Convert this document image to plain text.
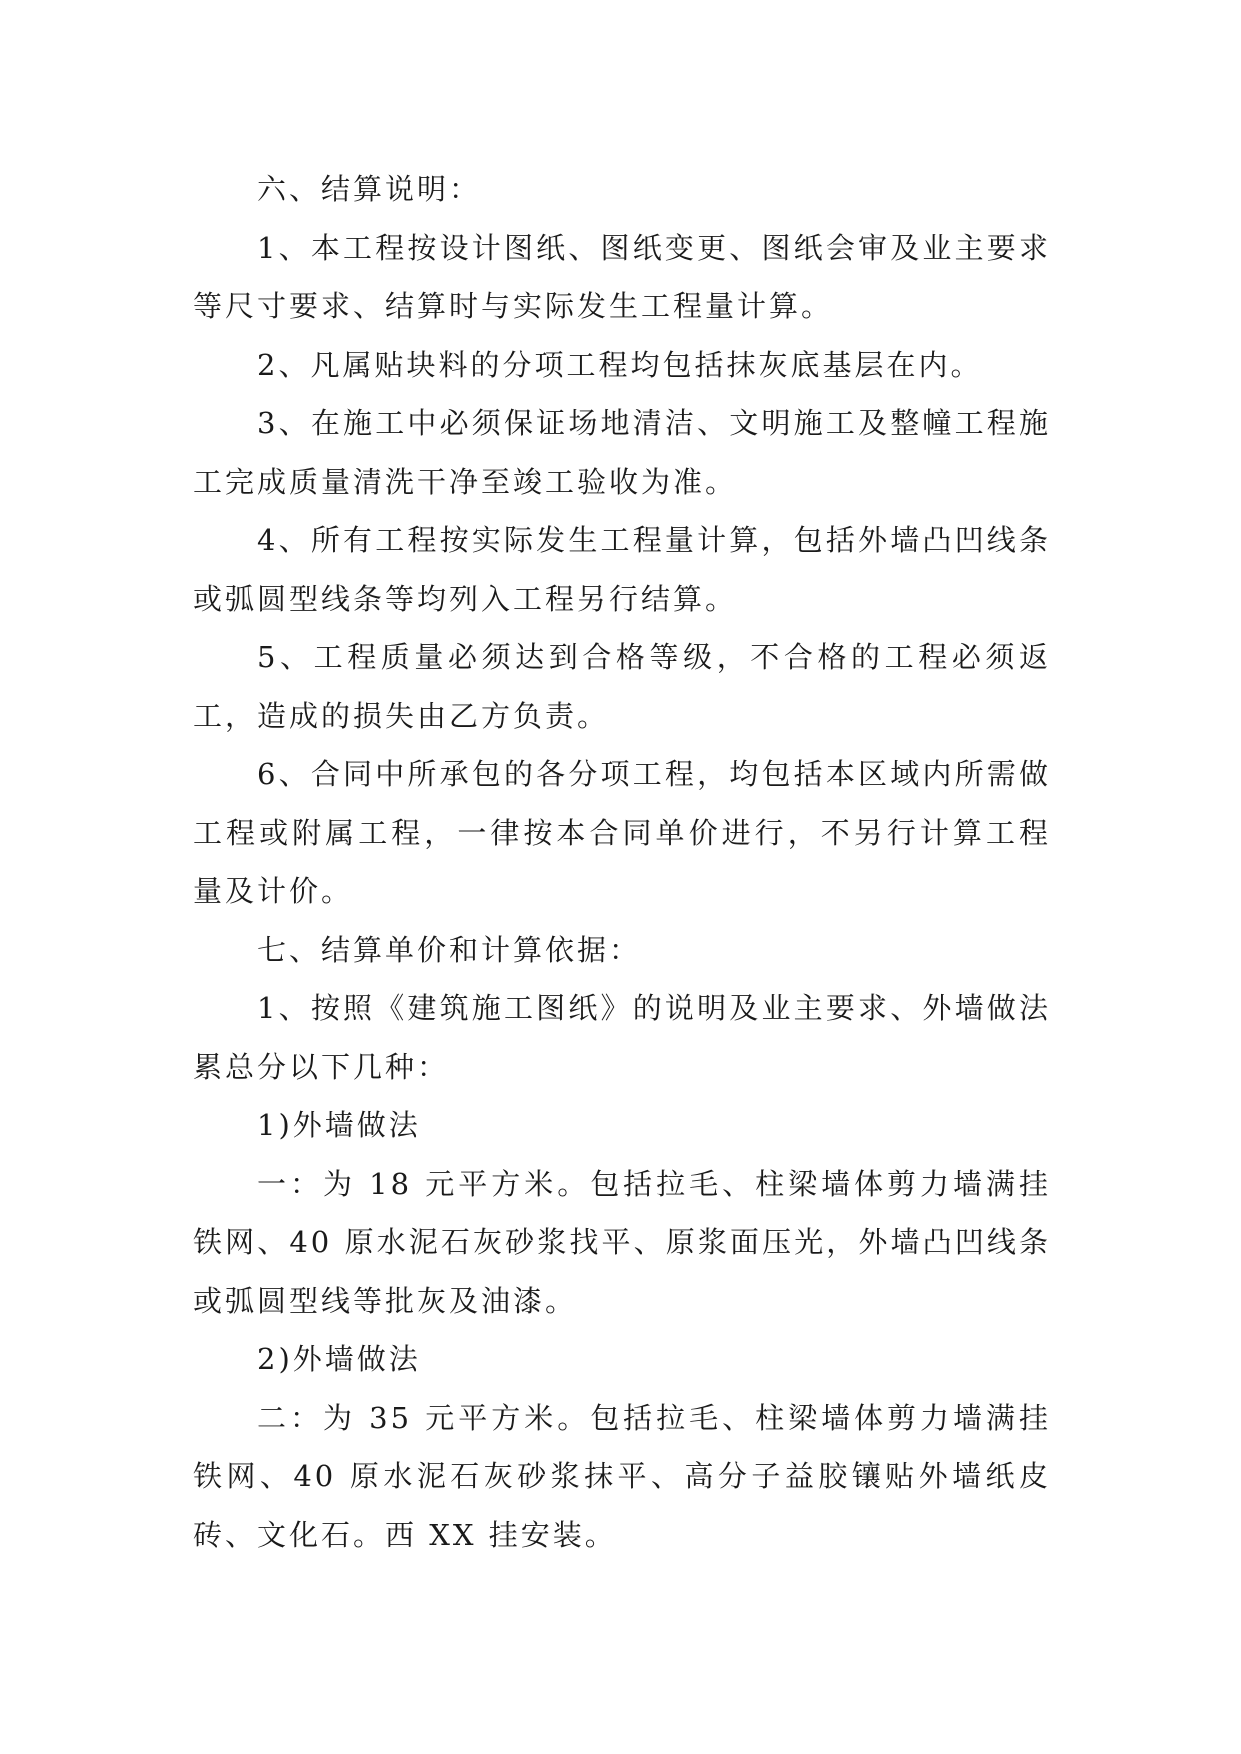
六、结算说明：

1、本工程按设计图纸、图纸变更、图纸会审及业主要求等尺寸要求、结算时与实际发生工程量计算。

2、凡属贴块料的分项工程均包括抹灰底基层在内。

3、在施工中必须保证场地清洁、文明施工及整幢工程施工完成质量清洗干净至竣工验收为准。

4、所有工程按实际发生工程量计算，包括外墙凸凹线条或弧圆型线条等均列入工程另行结算。

5、工程质量必须达到合格等级，不合格的工程必须返工，造成的损失由乙方负责。

6、合同中所承包的各分项工程，均包括本区域内所需做工程或附属工程，一律按本合同单价进行，不另行计算工程量及计价。

七、结算单价和计算依据：

1、按照《建筑施工图纸》的说明及业主要求、外墙做法累总分以下几种：

1)外墙做法

一：为 18 元平方米。包括拉毛、柱梁墙体剪力墙满挂铁网、40 原水泥石灰砂浆找平、原浆面压光，外墙凸凹线条或弧圆型线等批灰及油漆。

2)外墙做法

二：为 35 元平方米。包括拉毛、柱梁墙体剪力墙满挂铁网、40 原水泥石灰砂浆抹平、高分子益胶镶贴外墙纸皮砖、文化石。西 XX 挂安装。
